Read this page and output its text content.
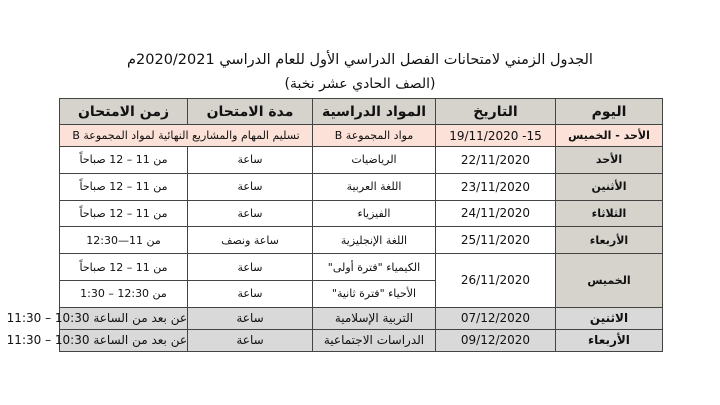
الجدول الزمني لامتحانات الفصل الدراسي الأول للعام الدراسي 2020/2021م
(الصف الحادي عشر نخبة)
اليوم	التاريخ	المواد الدراسية	مدة الامتحان	زمن الامتحان
الأحد - الخميس	15- 19/11/2020	مواد المجموعة B	تسليم المهام والمشاريع النهائية لمواد المجموعة B	
الأحد	22/11/2020	الرياضيات	ساعة	من 11 – 12 صباحاً
الأثنين	23/11/2020	اللغة العربية	ساعة	من 11 – 12 صباحاً
الثلاثاء	24/11/2020	الفيزياء	ساعة	من 11 – 12 صباحاً
الأربعاء	25/11/2020	اللغة الإنجليزية	ساعة ونصف	من 11—12:30
الخميس	26/11/2020	الكيمياء "فترة أولى"	ساعة	من 11 – 12 صباحاً
		الأحياء "فترة ثانية"	ساعة	من 12:30 – 1:30
الاثنين	07/12/2020	التربية الإسلامية	ساعة	عن بعد من الساعة 10:30 – 11:30
الأربعاء	09/12/2020	الدراسات الاجتماعية	ساعة	عن بعد من الساعة 10:30 – 11:30
